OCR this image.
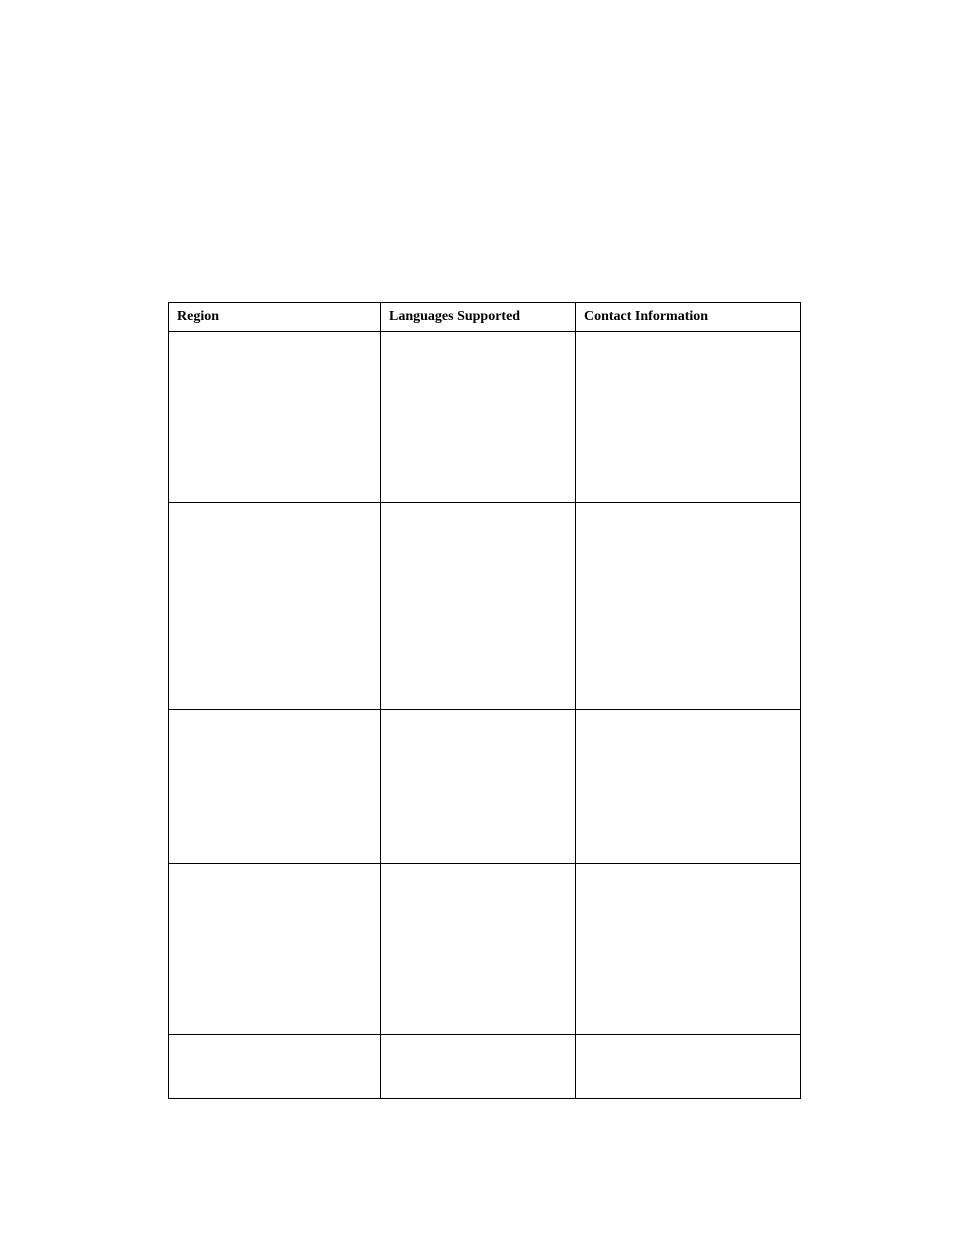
Region	Languages Supported	Contact Information
